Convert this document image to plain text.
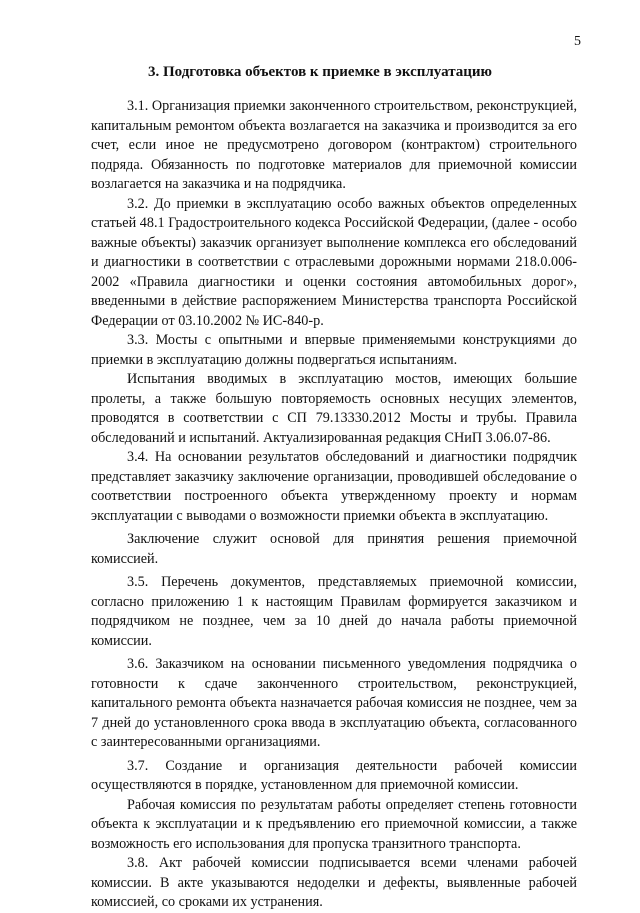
5
3. Подготовка объектов к приемке в эксплуатацию

3.1. Организация приемки законченного строительством, реконструкцией, капитальным ремонтом объекта возлагается на заказчика и производится за его счет, если иное не предусмотрено договором (контрактом) строительного подряда. Обязанность по подготовке материалов для приемочной комиссии возлагается на заказчика и на подрядчика.

3.2. До приемки в эксплуатацию особо важных объектов определенных статьей 48.1 Градостроительного кодекса Российской Федерации, (далее - особо важные объекты) заказчик организует выполнение комплекса его обследований и диагностики в соответствии с отраслевыми дорожными нормами 218.0.006-2002 «Правила диагностики и оценки состояния автомобильных дорог», введенными в действие распоряжением Министерства транспорта Российской Федерации от 03.10.2002 № ИС-840-р.

3.3. Мосты с опытными и впервые применяемыми конструкциями до приемки в эксплуатацию должны подвергаться испытаниям.

Испытания вводимых в эксплуатацию мостов, имеющих большие пролеты, а также большую повторяемость основных несущих элементов, проводятся в соответствии с СП 79.13330.2012 Мосты и трубы. Правила обследований и испытаний. Актуализированная редакция СНиП 3.06.07-86.

3.4. На основании результатов обследований и диагностики подрядчик представляет заказчику заключение организации, проводившей обследование о соответствии построенного объекта утвержденному проекту и нормам эксплуатации с выводами о возможности приемки объекта в эксплуатацию.

Заключение служит основой для принятия решения приемочной комиссией.

3.5. Перечень документов, представляемых приемочной комиссии, согласно приложению 1 к настоящим Правилам формируется заказчиком и подрядчиком не позднее, чем за 10 дней до начала работы приемочной комиссии.

3.6. Заказчиком на основании письменного уведомления подрядчика о готовности к сдаче законченного строительством, реконструкцией, капитального ремонта объекта назначается рабочая комиссия не позднее, чем за 7 дней до установленного срока ввода в эксплуатацию объекта, согласованного с заинтересованными организациями.

3.7. Создание и организация деятельности рабочей комиссии осуществляются в порядке, установленном для приемочной комиссии.

Рабочая комиссия по результатам работы определяет степень готовности объекта к эксплуатации и к предъявлению его приемочной комиссии, а также возможность его использования для пропуска транзитного транспорта.

3.8. Акт рабочей комиссии подписывается всеми членами рабочей комиссии. В акте указываются недоделки и дефекты, выявленные рабочей комиссией, со сроками их устранения.
